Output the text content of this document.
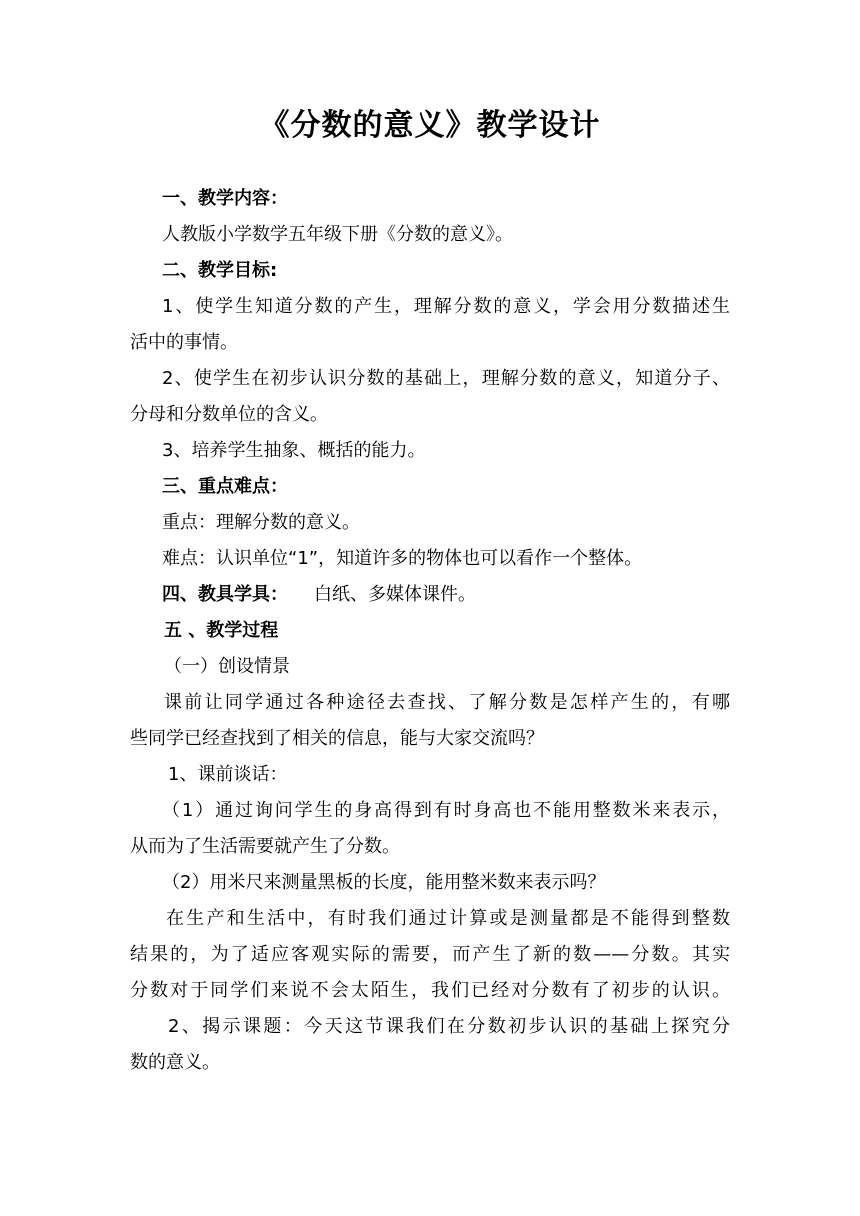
《分数的意义》教学设计
一、教学内容：
人教版小学数学五年级下册《分数的意义》。
二、教学目标:
1、使学生知道分数的产生，理解分数的意义，学会用分数描述生
活中的事情。
2、使学生在初步认识分数的基础上，理解分数的意义，知道分子、
分母和分数单位的含义。
3、培养学生抽象、概括的能力。
三、重点难点：
重点：理解分数的意义。
难点：认识单位“1”，知道许多的物体也可以看作一个整体。
四、教具学具：	白纸、多媒体课件。
五 、教学过程
（一）创设情景
课前让同学通过各种途径去查找、了解分数是怎样产生的，有哪
些同学已经查找到了相关的信息，能与大家交流吗？
1、课前谈话：
（1）通过询问学生的身高得到有时身高也不能用整数米来表示，
从而为了生活需要就产生了分数。
（2）用米尺来测量黑板的长度，能用整米数来表示吗？
在生产和生活中，有时我们通过计算或是测量都是不能得到整数
结果的，为了适应客观实际的需要，而产生了新的数——分数。其实
分数对于同学们来说不会太陌生，我们已经对分数有了初步的认识。
2、揭示课题：今天这节课我们在分数初步认识的基础上探究分
数的意义。
